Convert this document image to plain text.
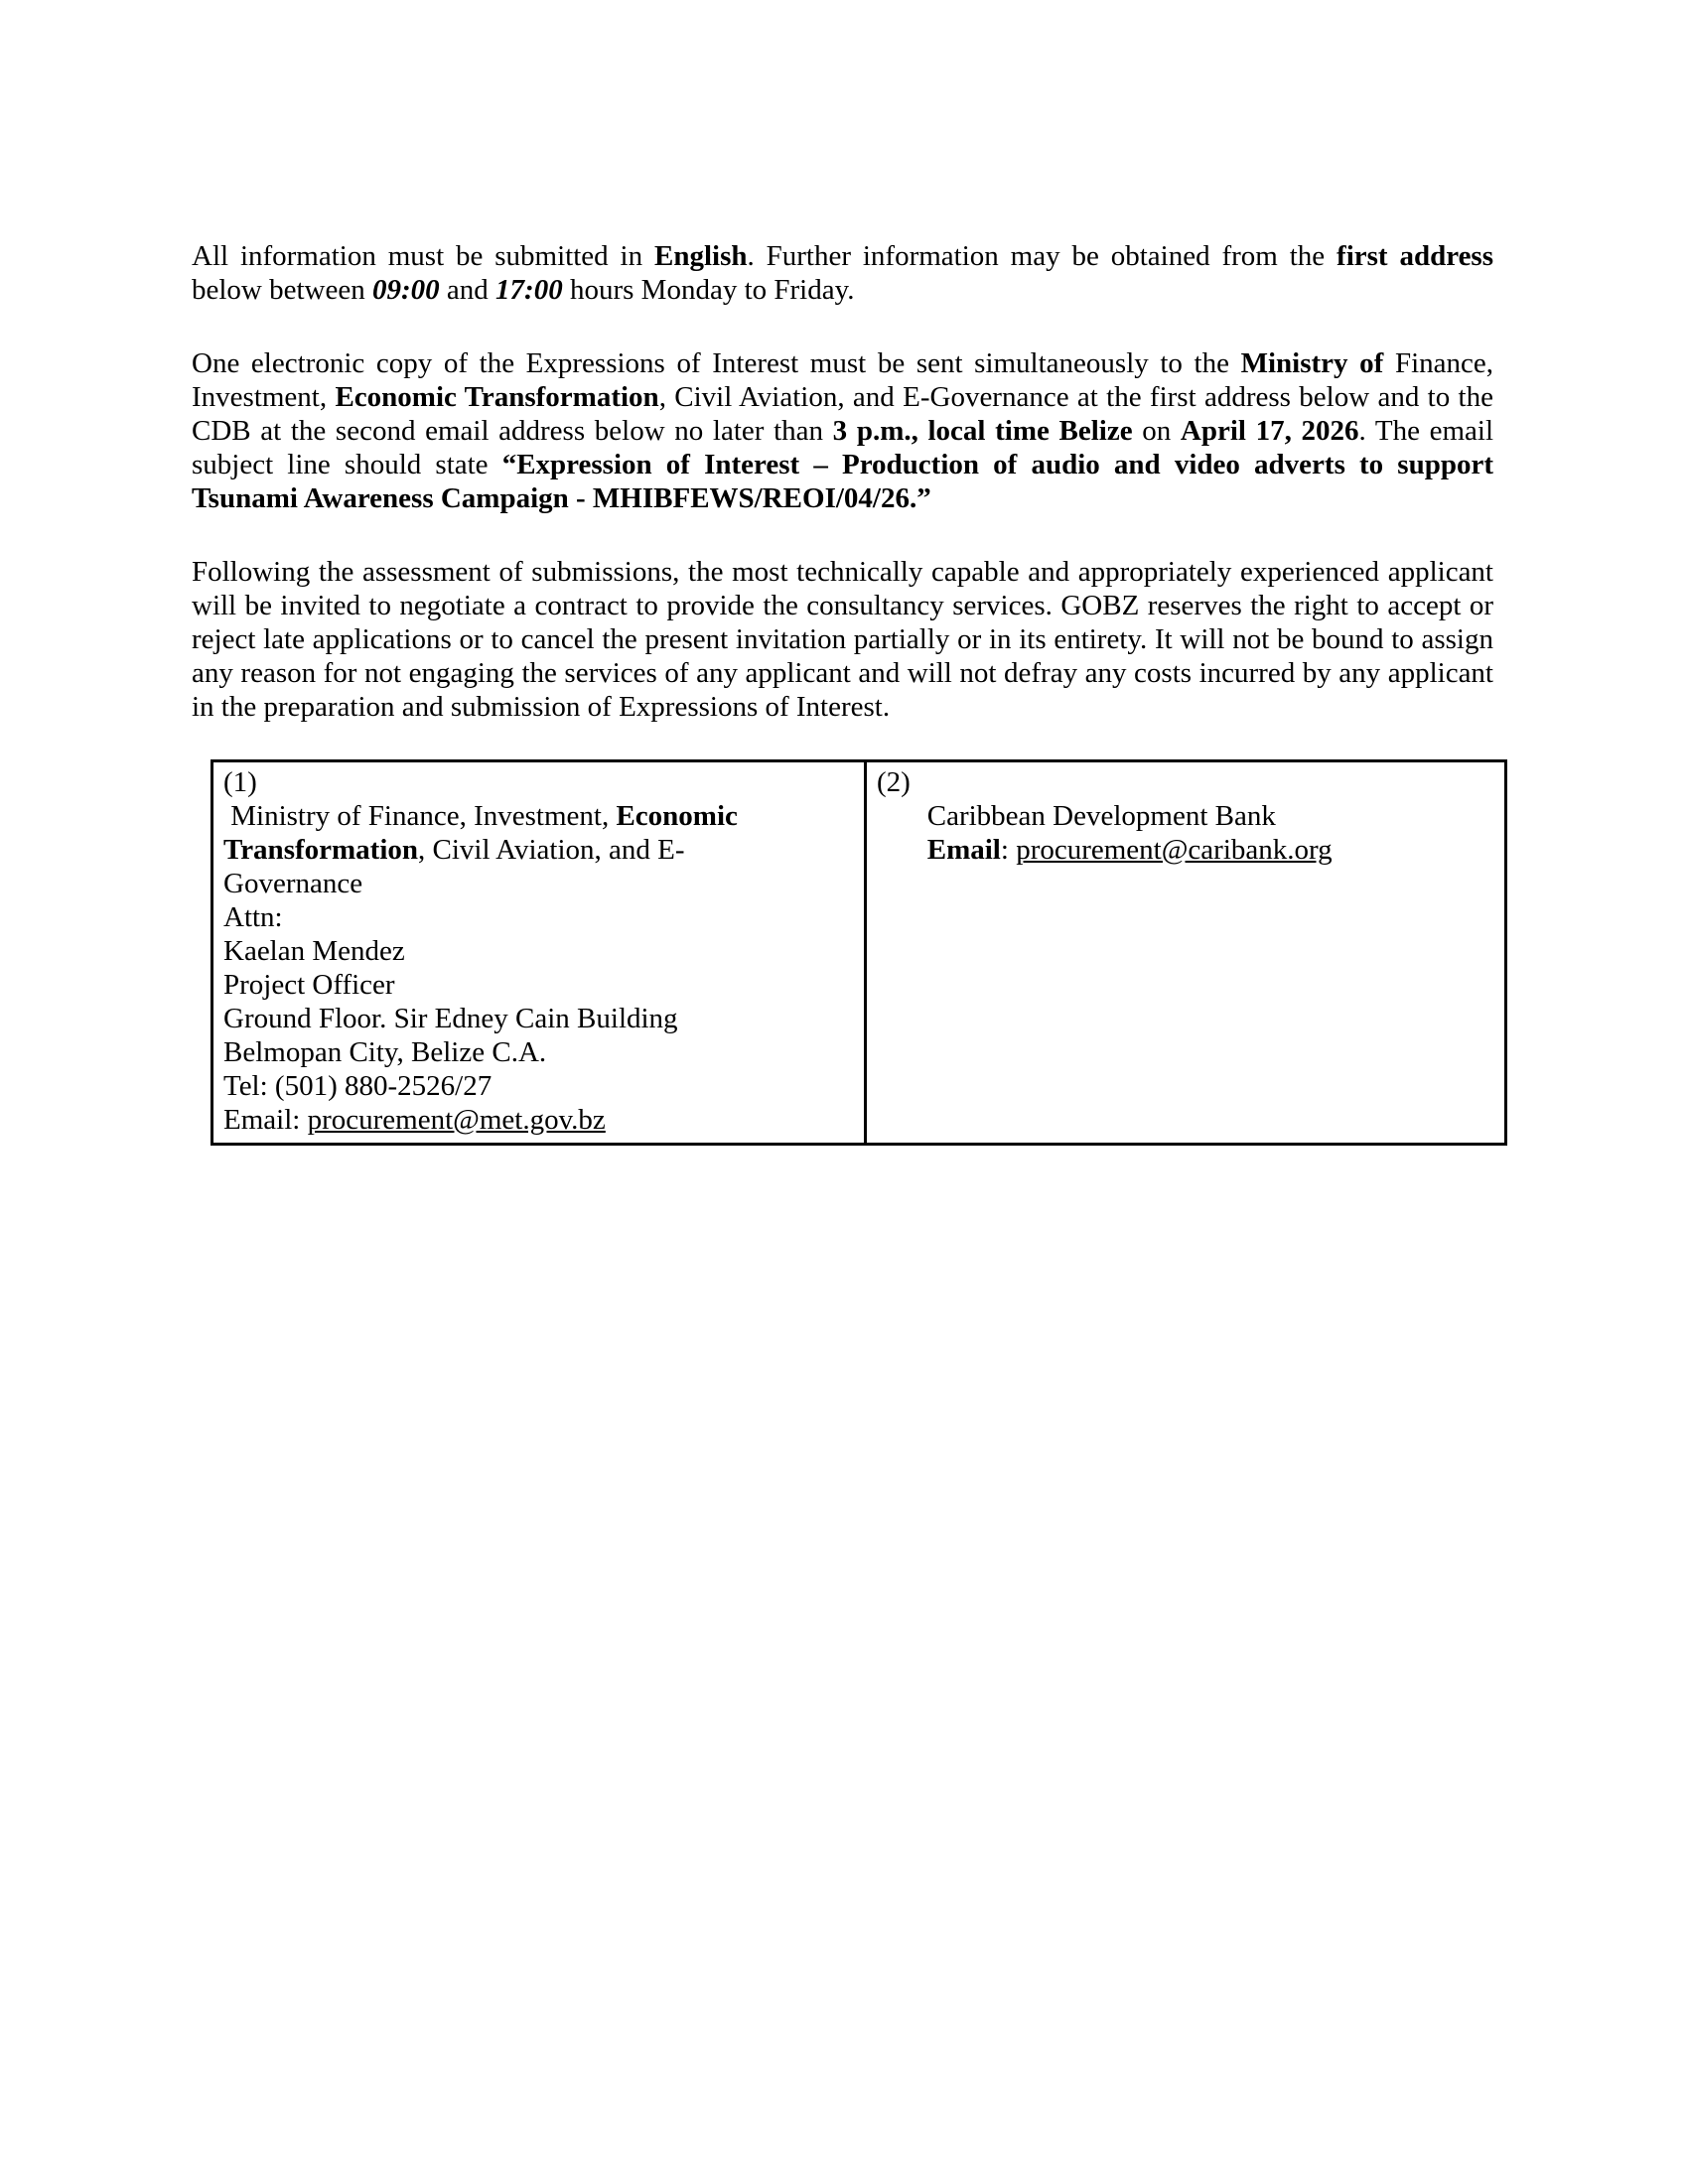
All information must be submitted in English. Further information may be obtained from the first address below between 09:00 and 17:00 hours Monday to Friday.

One electronic copy of the Expressions of Interest must be sent simultaneously to the Ministry of Finance, Investment, Economic Transformation, Civil Aviation, and E-Governance at the first address below and to the CDB at the second email address below no later than 3 p.m., local time Belize on April 17, 2026. The email subject line should state “Expression of Interest – Production of audio and video adverts to support Tsunami Awareness Campaign - MHIBFEWS/REOI/04/26.”

Following the assessment of submissions, the most technically capable and appropriately experienced applicant will be invited to negotiate a contract to provide the consultancy services. GOBZ reserves the right to accept or reject late applications or to cancel the present invitation partially or in its entirety. It will not be bound to assign any reason for not engaging the services of any applicant and will not defray any costs incurred by any applicant in the preparation and submission of Expressions of Interest.

(1)
Ministry of Finance, Investment, Economic
Transformation, Civil Aviation, and E-
Governance
Attn:
Kaelan Mendez
Project Officer
Ground Floor. Sir Edney Cain Building
Belmopan City, Belize C.A.
Tel: (501) 880-2526/27
Email: procurement@met.gov.bz

(2)
Caribbean Development Bank
Email: procurement@caribank.org
